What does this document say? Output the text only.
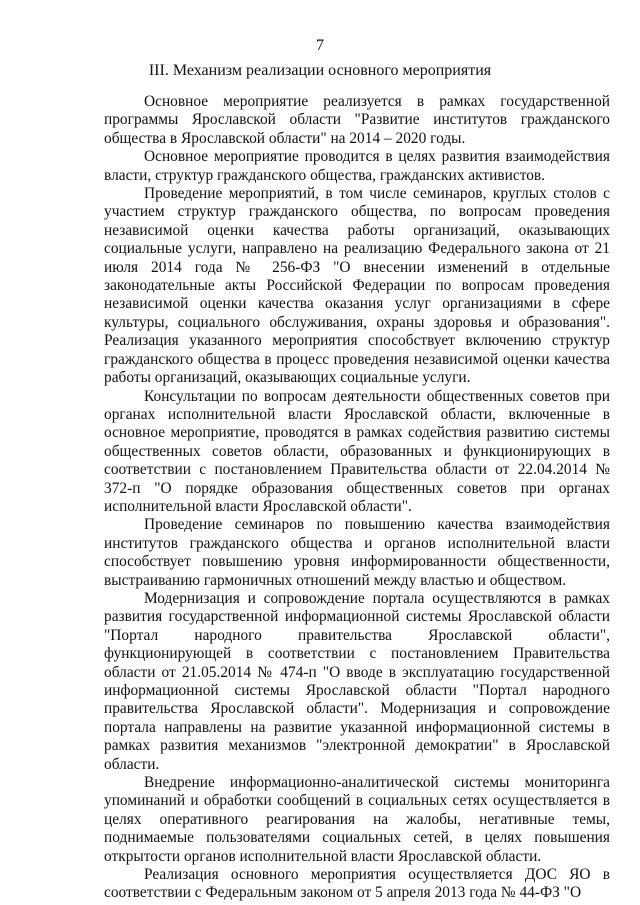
7
III. Механизм реализации основного мероприятия

Основное мероприятие реализуется в рамках государственной программы Ярославской области "Развитие институтов гражданского общества в Ярославской области" на 2014 – 2020 годы.

Основное мероприятие проводится в целях развития взаимодействия власти, структур гражданского общества, гражданских активистов.

Проведение мероприятий, в том числе семинаров, круглых столов с участием структур гражданского общества, по вопросам проведения независимой оценки качества работы организаций, оказывающих социальные услуги, направлено на реализацию Федерального закона от 21 июля 2014 года № 256-ФЗ "О внесении изменений в отдельные законодательные акты Российской Федерации по вопросам проведения независимой оценки качества оказания услуг организациями в сфере культуры, социального обслуживания, охраны здоровья и образования". Реализация указанного мероприятия способствует включению структур гражданского общества в процесс проведения независимой оценки качества работы организаций, оказывающих социальные услуги.

Консультации по вопросам деятельности общественных советов при органах исполнительной власти Ярославской области, включенные в основное мероприятие, проводятся в рамках содействия развитию системы общественных советов области, образованных и функционирующих в соответствии с постановлением Правительства области от 22.04.2014 № 372-п "О порядке образования общественных советов при органах исполнительной власти Ярославской области".

Проведение семинаров по повышению качества взаимодействия институтов гражданского общества и органов исполнительной власти способствует повышению уровня информированности общественности, выстраиванию гармоничных отношений между властью и обществом.

Модернизация и сопровождение портала осуществляются в рамках развития государственной информационной системы Ярославской области "Портал народного правительства Ярославской области", функционирующей в соответствии с постановлением Правительства области от 21.05.2014 № 474-п "О вводе в эксплуатацию государственной информационной системы Ярославской области "Портал народного правительства Ярославской области". Модернизация и сопровождение портала направлены на развитие указанной информационной системы в рамках развития механизмов "электронной демократии" в Ярославской области.

Внедрение информационно-аналитической системы мониторинга упоминаний и обработки сообщений в социальных сетях осуществляется в целях оперативного реагирования на жалобы, негативные темы, поднимаемые пользователями социальных сетей, в целях повышения открытости органов исполнительной власти Ярославской области.

Реализация основного мероприятия осуществляется ДОС ЯО в соответствии с Федеральным законом от 5 апреля 2013 года № 44-ФЗ "О
